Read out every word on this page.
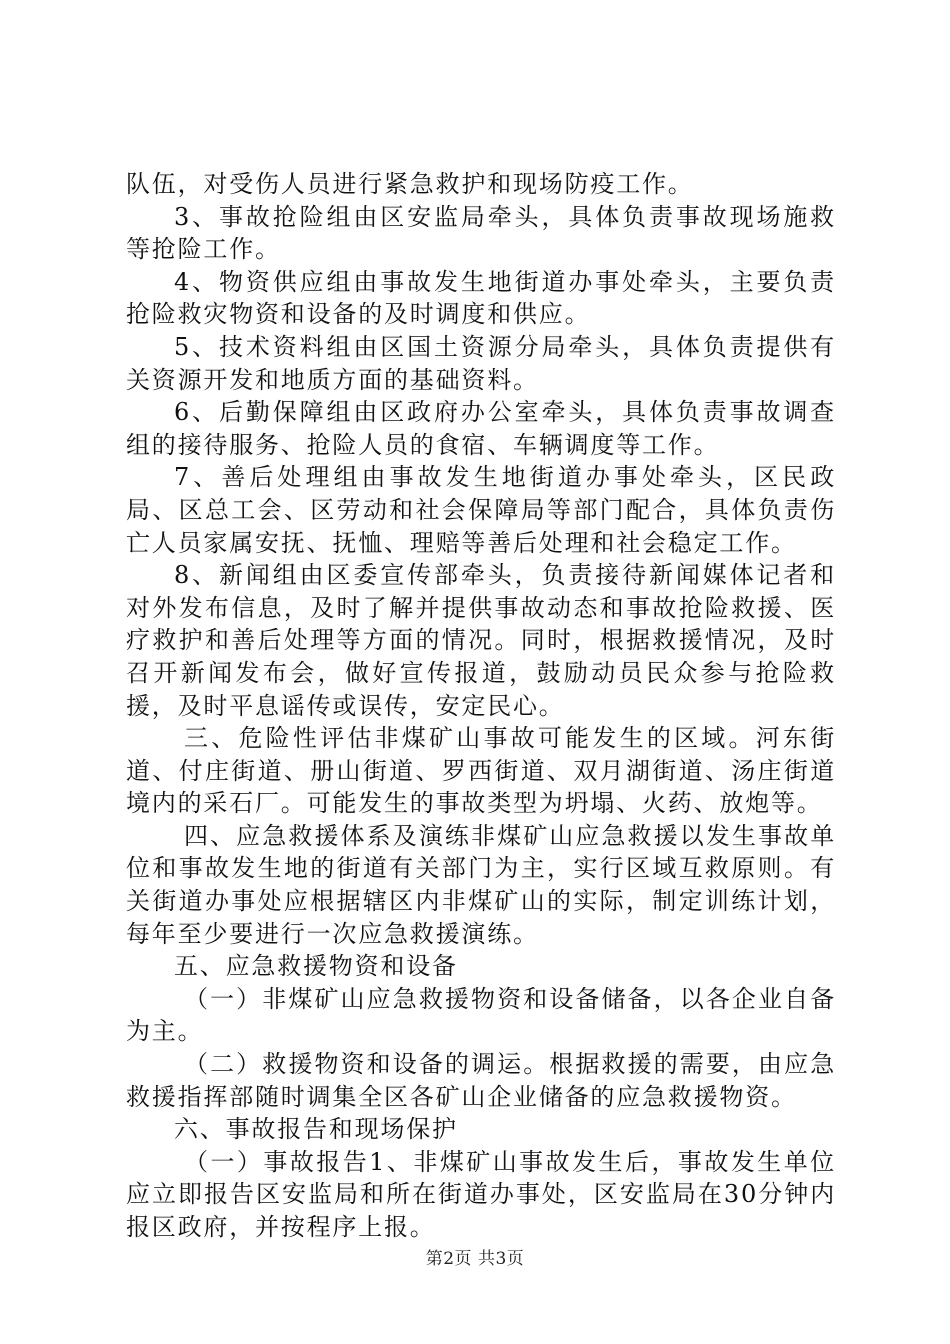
队伍，对受伤人员进行紧急救护和现场防疫工作。

3、事故抢险组由区安监局牵头，具体负责事故现场施救等抢险工作。

4、物资供应组由事故发生地街道办事处牵头，主要负责抢险救灾物资和设备的及时调度和供应。

5、技术资料组由区国土资源分局牵头，具体负责提供有关资源开发和地质方面的基础资料。

6、后勤保障组由区政府办公室牵头，具体负责事故调查组的接待服务、抢险人员的食宿、车辆调度等工作。

7、善后处理组由事故发生地街道办事处牵头，区民政局、区总工会、区劳动和社会保障局等部门配合，具体负责伤亡人员家属安抚、抚恤、理赔等善后处理和社会稳定工作。

8、新闻组由区委宣传部牵头，负责接待新闻媒体记者和对外发布信息，及时了解并提供事故动态和事故抢险救援、医疗救护和善后处理等方面的情况。同时，根据救援情况，及时召开新闻发布会，做好宣传报道，鼓励动员民众参与抢险救援，及时平息谣传或误传，安定民心。

三、危险性评估非煤矿山事故可能发生的区域。河东街道、付庄街道、册山街道、罗西街道、双月湖街道、汤庄街道境内的采石厂。可能发生的事故类型为坍塌、火药、放炮等。

四、应急救援体系及演练非煤矿山应急救援以发生事故单位和事故发生地的街道有关部门为主，实行区域互救原则。有关街道办事处应根据辖区内非煤矿山的实际，制定训练计划，每年至少要进行一次应急救援演练。

五、应急救援物资和设备

（一）非煤矿山应急救援物资和设备储备，以各企业自备为主。

（二）救援物资和设备的调运。根据救援的需要，由应急救援指挥部随时调集全区各矿山企业储备的应急救援物资。

六、事故报告和现场保护

（一）事故报告1、非煤矿山事故发生后，事故发生单位应立即报告区安监局和所在街道办事处，区安监局在30分钟内报区政府，并按程序上报。

第2页 共3页
